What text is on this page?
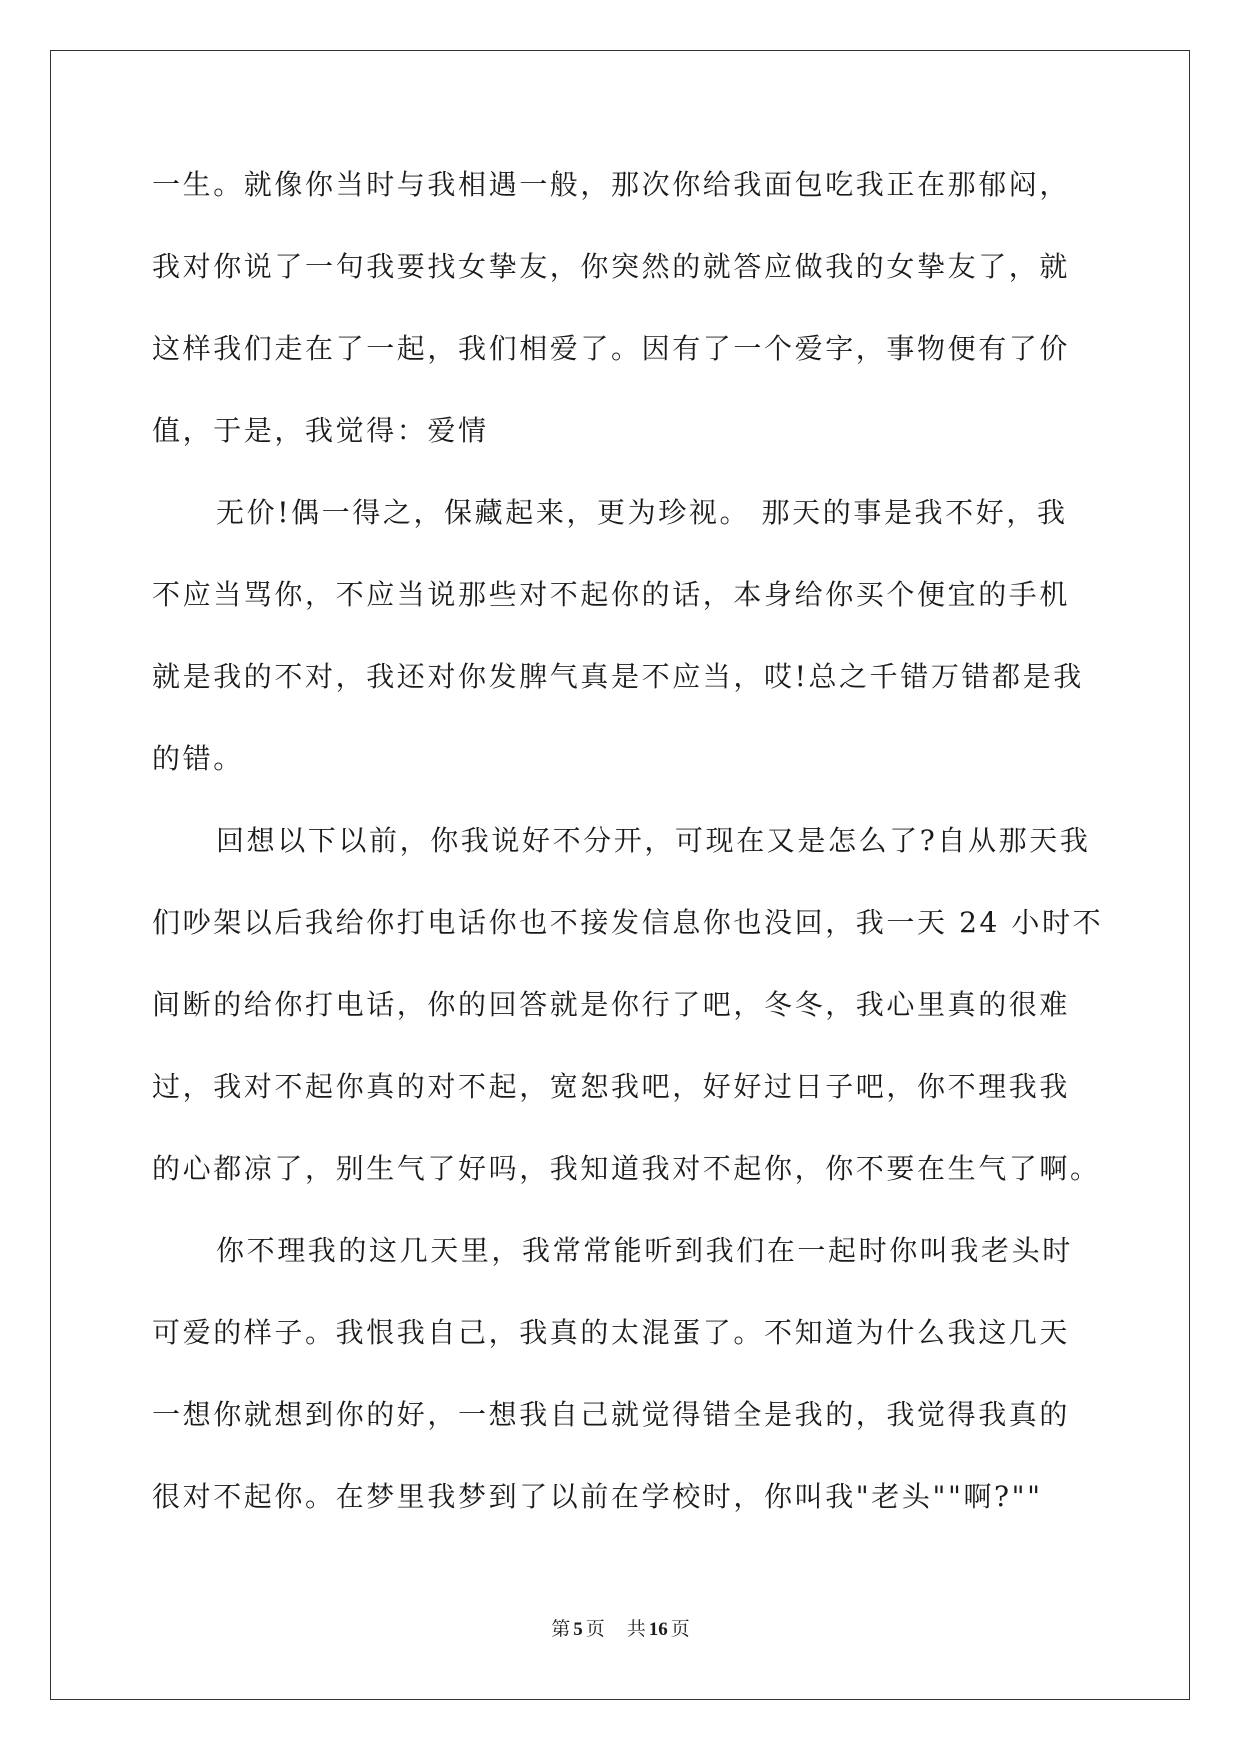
一生。就像你当时与我相遇一般，那次你给我面包吃我正在那郁闷，
我对你说了一句我要找女挚友，你突然的就答应做我的女挚友了，就
这样我们走在了一起，我们相爱了。因有了一个爱字，事物便有了价
值，于是，我觉得：爱情
无价!偶一得之，保藏起来，更为珍视。 那天的事是我不好，我
不应当骂你，不应当说那些对不起你的话，本身给你买个便宜的手机
就是我的不对，我还对你发脾气真是不应当，哎!总之千错万错都是我
的错。
回想以下以前，你我说好不分开，可现在又是怎么了?自从那天我
们吵架以后我给你打电话你也不接发信息你也没回，我一天 24 小时不
间断的给你打电话，你的回答就是你行了吧，冬冬，我心里真的很难
过，我对不起你真的对不起，宽恕我吧，好好过日子吧，你不理我我
的心都凉了，别生气了好吗，我知道我对不起你，你不要在生气了啊。
你不理我的这几天里，我常常能听到我们在一起时你叫我老头时
可爱的样子。我恨我自己，我真的太混蛋了。不知道为什么我这几天
一想你就想到你的好，一想我自己就觉得错全是我的，我觉得我真的
很对不起你。在梦里我梦到了以前在学校时，你叫我"老头""啊?""
第 5 页 共 16 页
